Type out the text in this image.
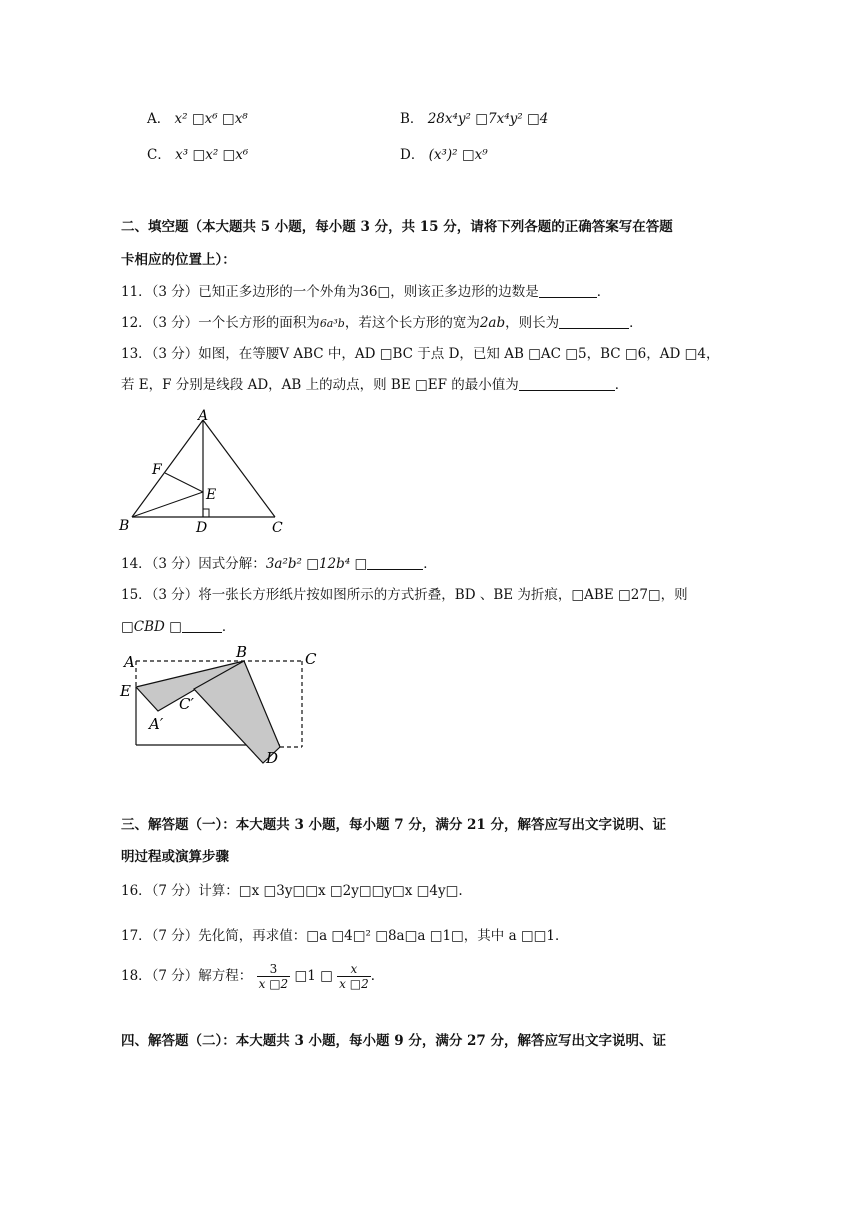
A． x² □x⁶ □x⁸	B． 28x⁴y² □7x⁴y² □4
C． x³ □x² □x⁶	D． (x³)² □x⁹
二、填空题（本大题共 5 小题，每小题 3 分，共 15 分，请将下列各题的正确答案写在答题
卡相应的位置上）：
11．（3 分）已知正多边形的一个外角为36□，则该正多边形的边数是	．
12．（3 分）一个长方形的面积为6a³b，若这个长方形的宽为2ab，则长为	．
13．（3 分）如图，在等腰V ABC 中，AD □BC 于点 D，已知 AB □AC □5，BC □6，AD □4，
若 E，F 分别是线段 AD，AB 上的动点，则 BE □EF 的最小值为	．
A
B	C
D
E
F
14．（3 分）因式分解：3a²b² □12b⁴ □	．
15．（3 分）将一张长方形纸片按如图所示的方式折叠，BD 、BE 为折痕，□ABE □27□，则
□CBD □	．
A
B	C
D
E
A′
C′
三、解答题（一）：本大题共 3 小题，每小题 7 分，满分 21 分，解答应写出文字说明、证
明过程或演算步骤
16．（7 分）计算：□x □3y□□x □2y□□y□x □4y□.
17．（7 分）先化简，再求值：□a □4□² □8a□a □1□，其中 a □□1．
18．（7 分）解方程： $\frac{3}{x □2}$ □1 □ $\frac{x}{x □2}$ ．
四、解答题（二）：本大题共 3 小题，每小题 9 分，满分 27 分，解答应写出文字说明、证
